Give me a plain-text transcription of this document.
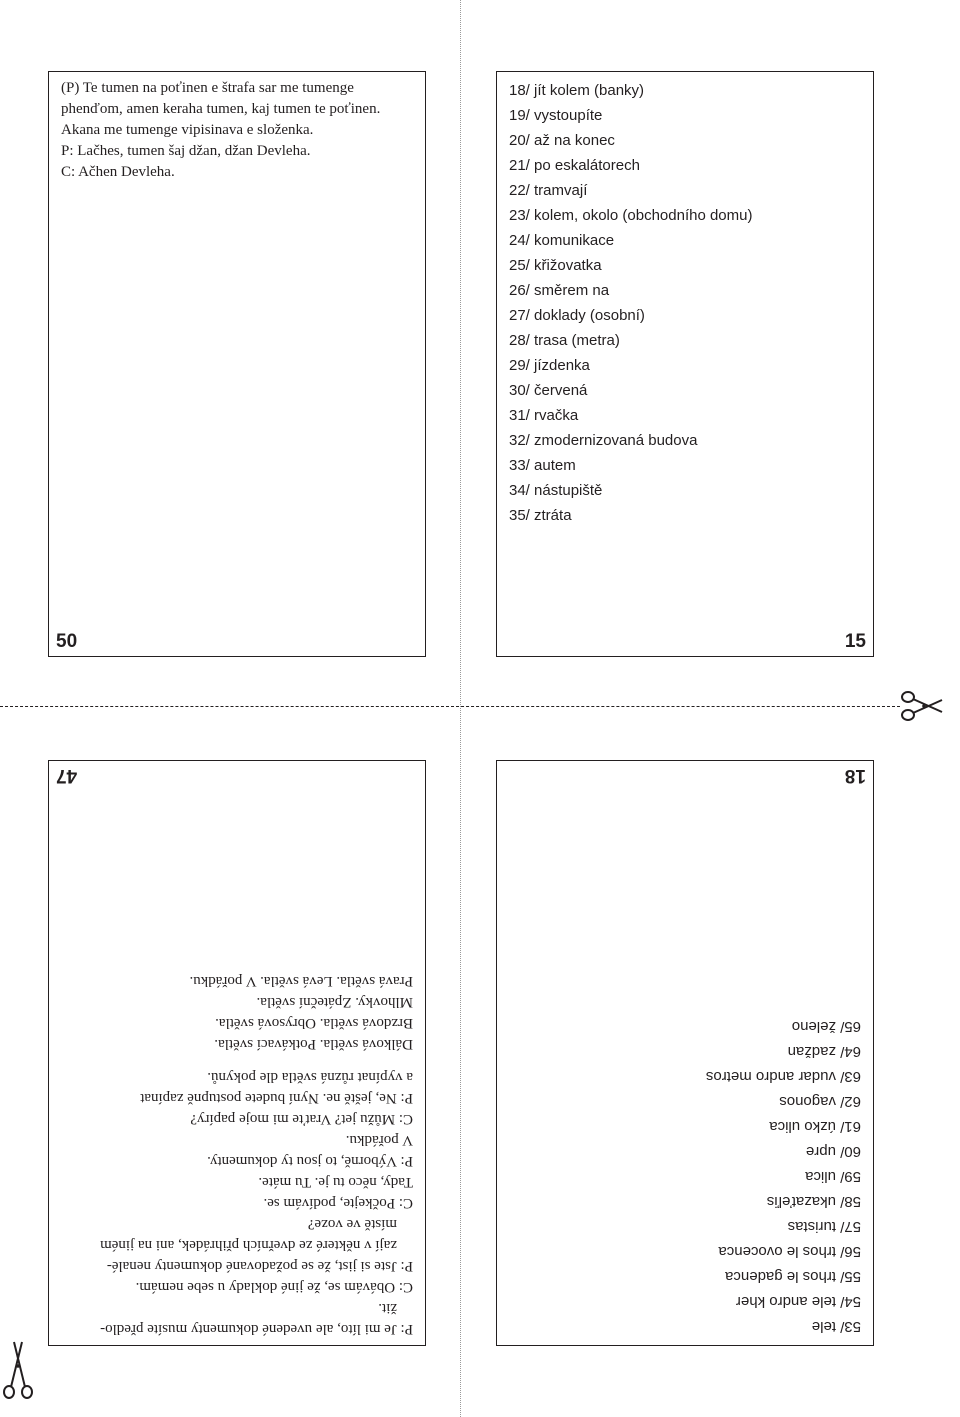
(P) Te tumen na poťinen e štrafa sar me tumenge

phenďom, amen keraha tumen, kaj tumen te poťinen.

Akana me tumenge vipisinava e složenka.

P: Lačhes, tumen šaj džan, džan Devleha.

C: Ačhen Devleha.

50
18/ jít kolem (banky)
19/ vystoupíte
20/ až na konec
21/ po eskalátorech
22/ tramvají
23/ kolem, okolo (obchodního domu)
24/ komunikace
25/ křižovatka
26/ směrem na
27/ doklady (osobní)
28/ trasa (metra)
29/ jízdenka
30/ červená
31/ rvačka
32/ zmodernizovaná budova
33/ autem
34/ nástupiště
35/ ztráta
15

P: Je mi líto, ale uvedené dokumenty musíte předlo-

žit.

C: Obávám se, že jiné doklady u sebe nemám.

P: Jste si jist, že se požadované dokumenty nenalé-

zají v některé ze dveřních přihrádek, ani na jiném

místě ve voze?

C: Počkejte, podívám se.

Tady, něco tu je. Tu máte.

P: Výborně, to jsou ty dokumenty.

V pořádku.

C: Můžu jet? Vraťte mi moje papíry?

P: Ne, ještě ne. Nyní budete postupně zapínat

a vypínat různá světla dle pokynů.

Dálková světla. Potkávací světla.

Brzdová světla. Obrysová světla.

Mlhovky. Zpáteční světla.

Pravá světla. Levá světla. V pořádku.

47
53/ tele
54/ tele andro kher
55/ trhos le gadenca
56/ trhos le ovocenca
57/ turistas
58/ ukazaťeľis
59/ ulica
60/ upre
61/ úzko ulica
62/ vagonos
63/ vudar andro metros
64/ zadžan
65/ želeno
18
